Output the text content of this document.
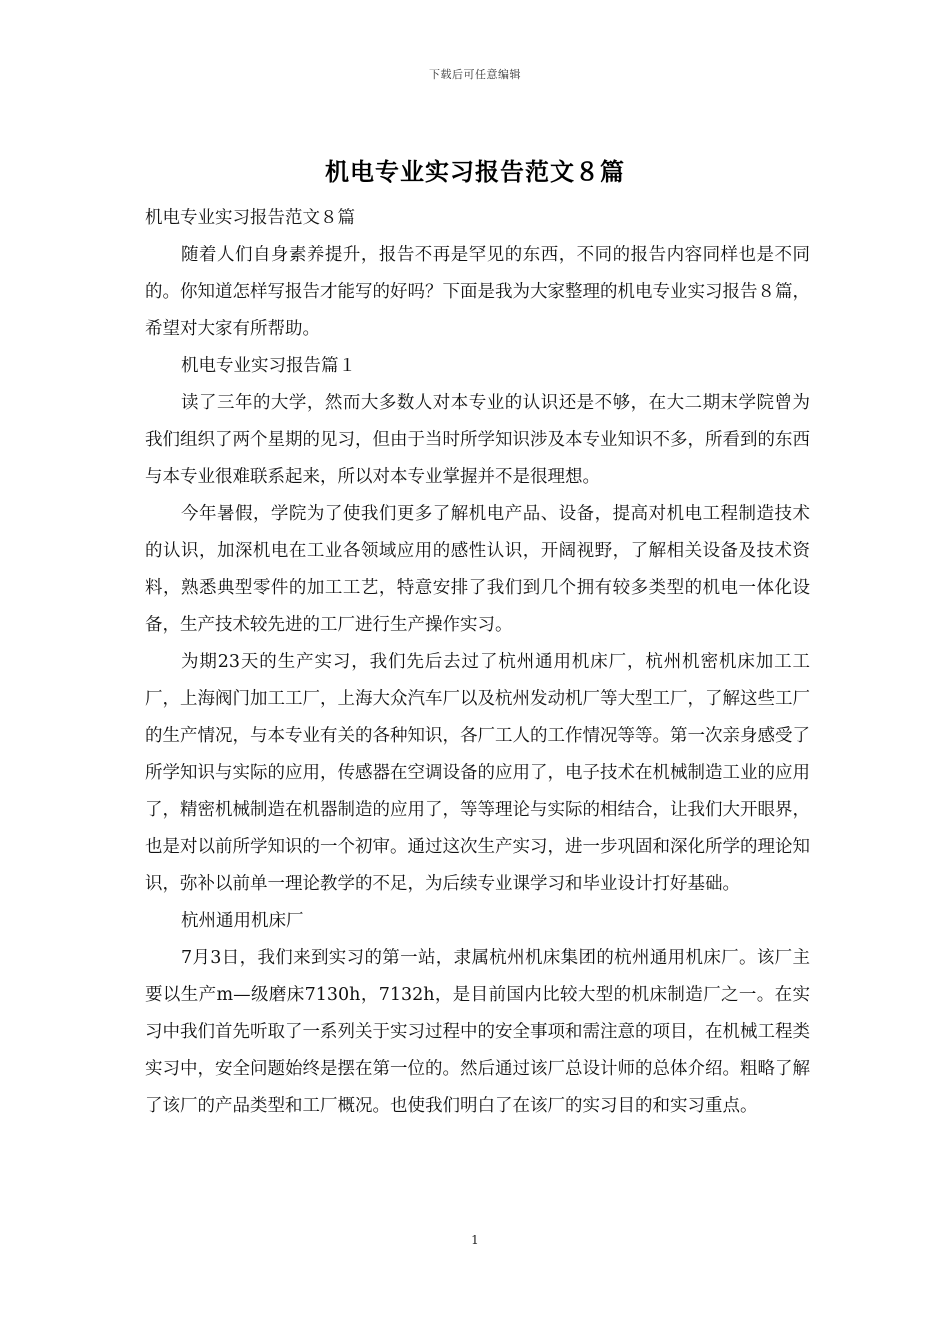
下载后可任意编辑
机电专业实习报告范文８篇

机电专业实习报告范文８篇

随着人们自身素养提升，报告不再是罕见的东西，不同的报告内容同样也是不同的。你知道怎样写报告才能写的好吗？下面是我为大家整理的机电专业实习报告８篇，希望对大家有所帮助。

机电专业实习报告篇１

读了三年的大学，然而大多数人对本专业的认识还是不够，在大二期末学院曾为我们组织了两个星期的见习，但由于当时所学知识涉及本专业知识不多，所看到的东西与本专业很难联系起来，所以对本专业掌握并不是很理想。

今年暑假，学院为了使我们更多了解机电产品、设备，提高对机电工程制造技术的认识，加深机电在工业各领域应用的感性认识，开阔视野，了解相关设备及技术资料，熟悉典型零件的加工工艺，特意安排了我们到几个拥有较多类型的机电一体化设备，生产技术较先进的工厂进行生产操作实习。

为期23天的生产实习，我们先后去过了杭州通用机床厂，杭州机密机床加工工厂，上海阀门加工工厂，上海大众汽车厂以及杭州发动机厂等大型工厂，了解这些工厂的生产情况，与本专业有关的各种知识，各厂工人的工作情况等等。第一次亲身感受了所学知识与实际的应用，传感器在空调设备的应用了，电子技术在机械制造工业的应用了，精密机械制造在机器制造的应用了，等等理论与实际的相结合，让我们大开眼界，也是对以前所学知识的一个初审。通过这次生产实习，进一步巩固和深化所学的理论知识，弥补以前单一理论教学的不足，为后续专业课学习和毕业设计打好基础。

杭州通用机床厂

7月3日，我们来到实习的第一站，隶属杭州机床集团的杭州通用机床厂。该厂主要以生产m—级磨床7130h，7132h，是目前国内比较大型的机床制造厂之一。在实习中我们首先听取了一系列关于实习过程中的安全事项和需注意的项目，在机械工程类实习中，安全问题始终是摆在第一位的。然后通过该厂总设计师的总体介绍。粗略了解了该厂的产品类型和工厂概况。也使我们明白了在该厂的实习目的和实习重点。

1
